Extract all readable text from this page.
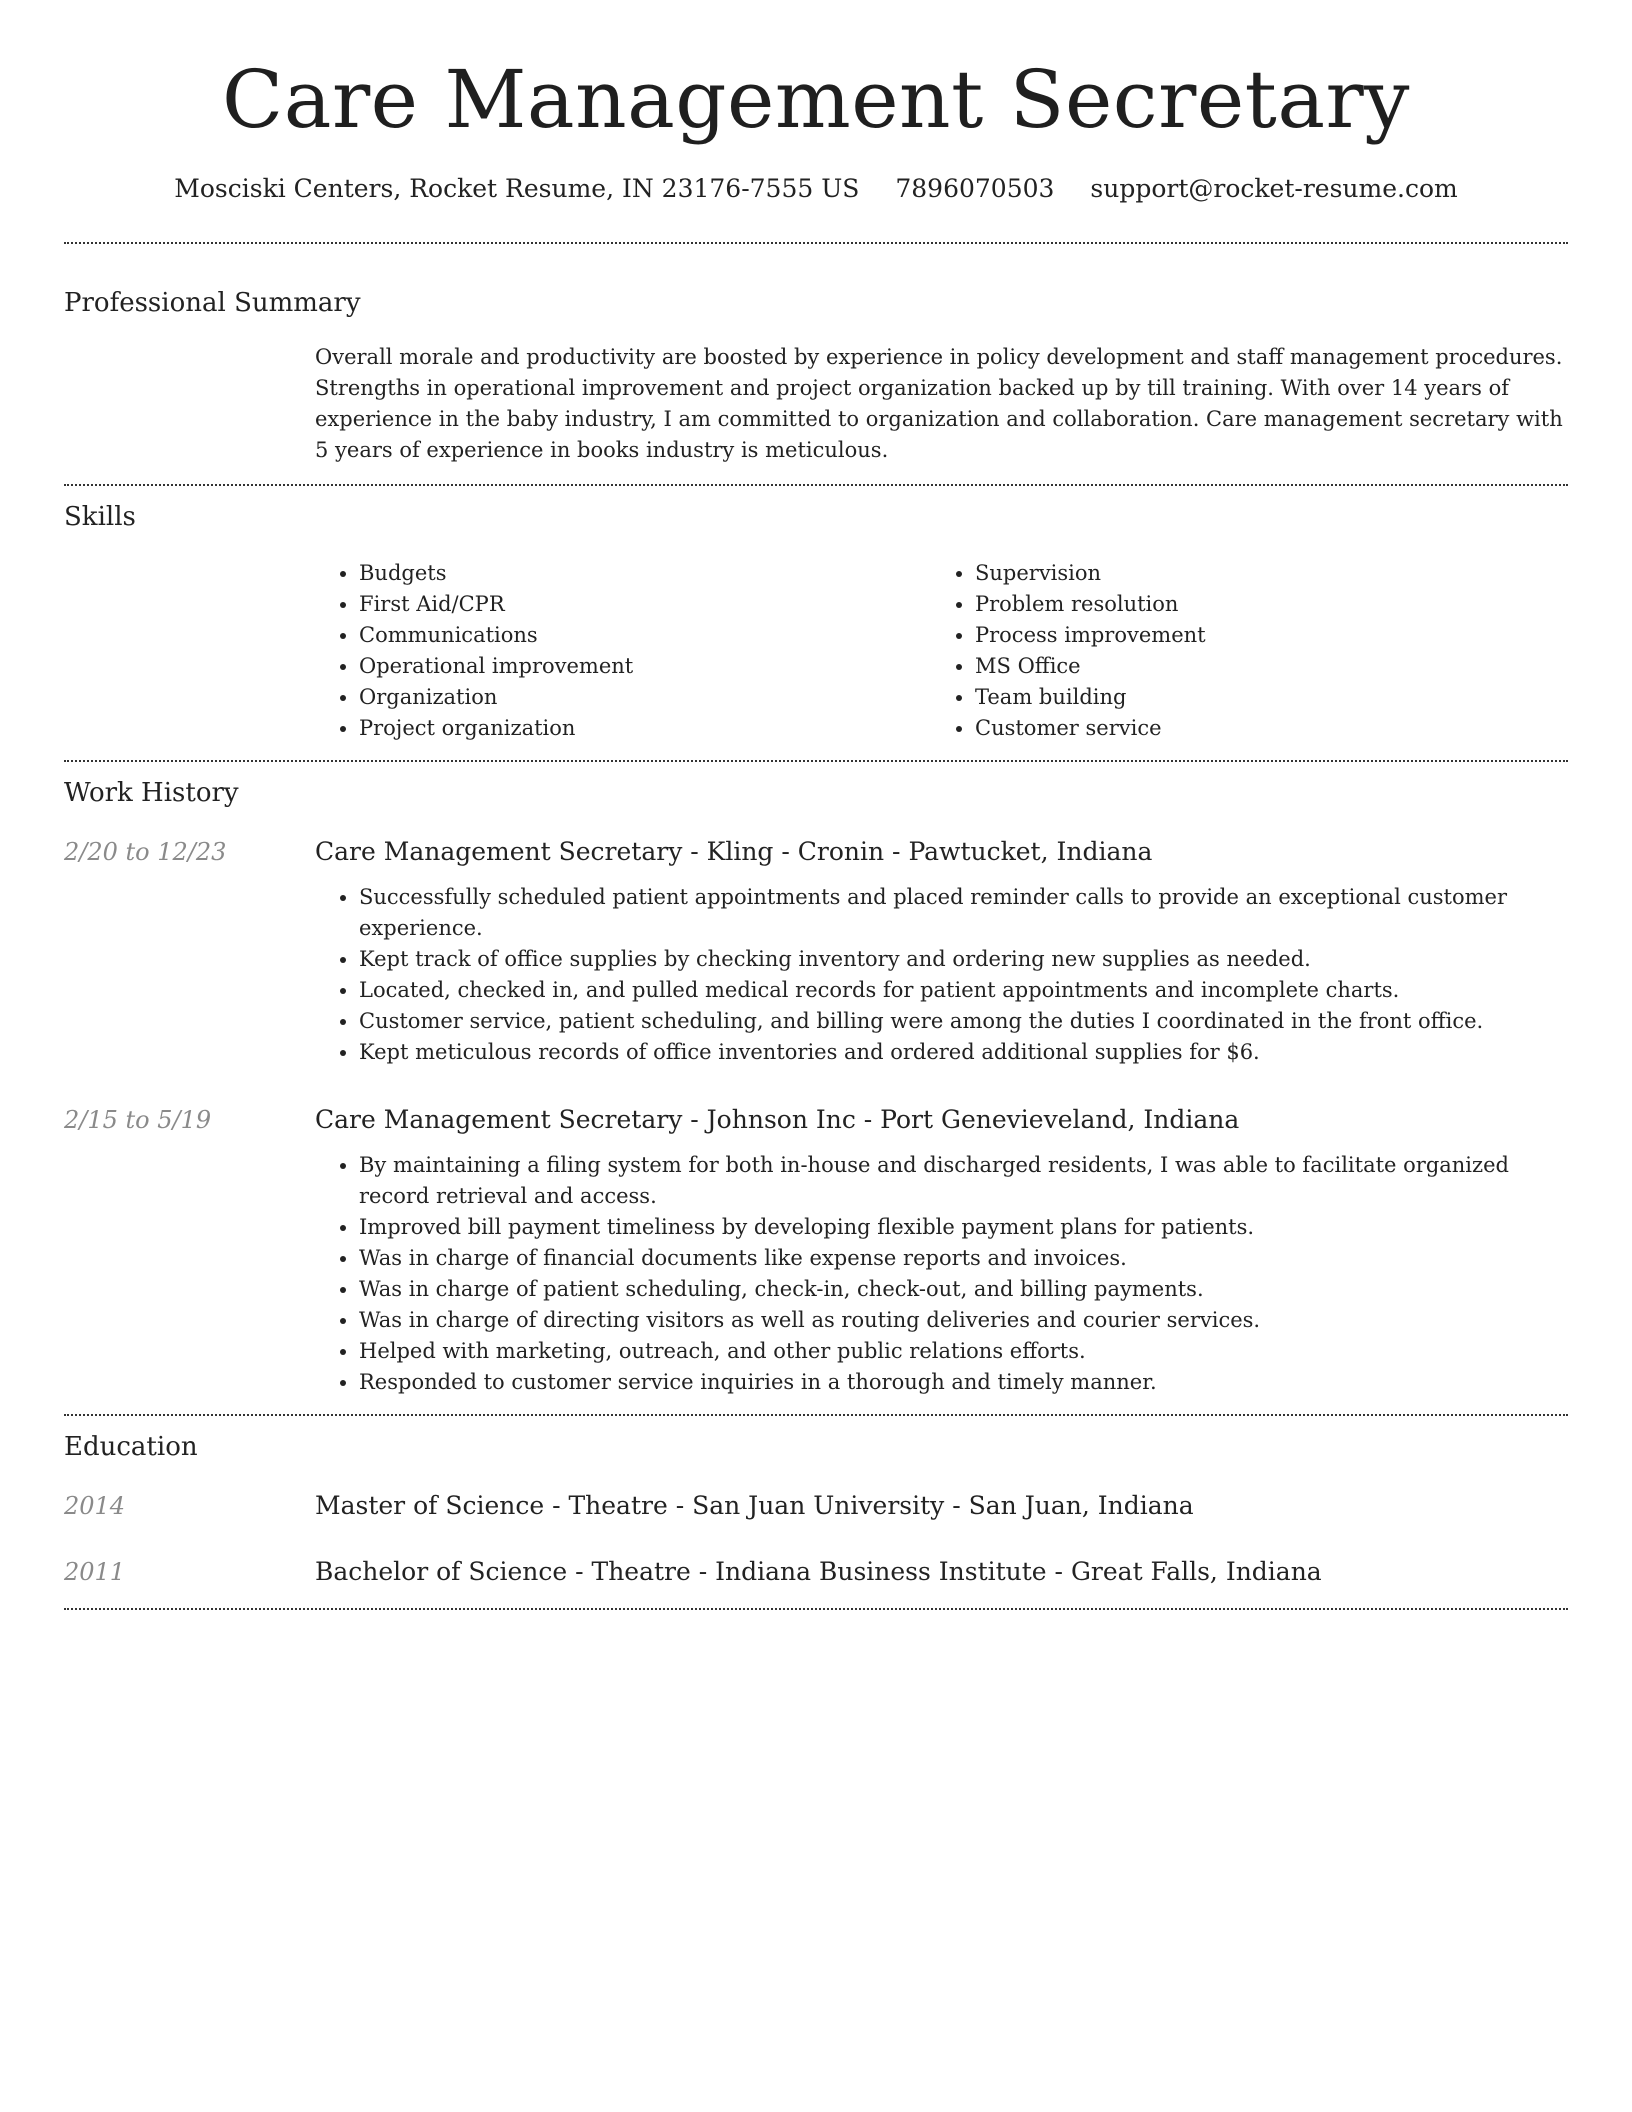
Care Management Secretary
Mosciski Centers, Rocket Resume, IN 23176-7555 US 7896070503 support@rocket-resume.com
Professional Summary
Overall morale and productivity are boosted by experience in policy development and staff management procedures. Strengths in operational improvement and project organization backed up by till training. With over 14 years of experience in the baby industry, I am committed to organization and collaboration. Care management secretary with 5 years of experience in books industry is meticulous.
Skills
• Budgets
• First Aid/CPR
• Communications
• Operational improvement
• Organization
• Project organization
• Supervision
• Problem resolution
• Process improvement
• MS Office
• Team building
• Customer service
Work History
2/20 to 12/23	Care Management Secretary - Kling - Cronin - Pawtucket, Indiana
• Successfully scheduled patient appointments and placed reminder calls to provide an exceptional customer experience.
• Kept track of office supplies by checking inventory and ordering new supplies as needed.
• Located, checked in, and pulled medical records for patient appointments and incomplete charts.
• Customer service, patient scheduling, and billing were among the duties I coordinated in the front office.
• Kept meticulous records of office inventories and ordered additional supplies for $6.
2/15 to 5/19	Care Management Secretary - Johnson Inc - Port Genevieveland, Indiana
• By maintaining a filing system for both in-house and discharged residents, I was able to facilitate organized record retrieval and access.
• Improved bill payment timeliness by developing flexible payment plans for patients.
• Was in charge of financial documents like expense reports and invoices.
• Was in charge of patient scheduling, check-in, check-out, and billing payments.
• Was in charge of directing visitors as well as routing deliveries and courier services.
• Helped with marketing, outreach, and other public relations efforts.
• Responded to customer service inquiries in a thorough and timely manner.
Education
2014	Master of Science - Theatre - San Juan University - San Juan, Indiana
2011	Bachelor of Science - Theatre - Indiana Business Institute - Great Falls, Indiana
